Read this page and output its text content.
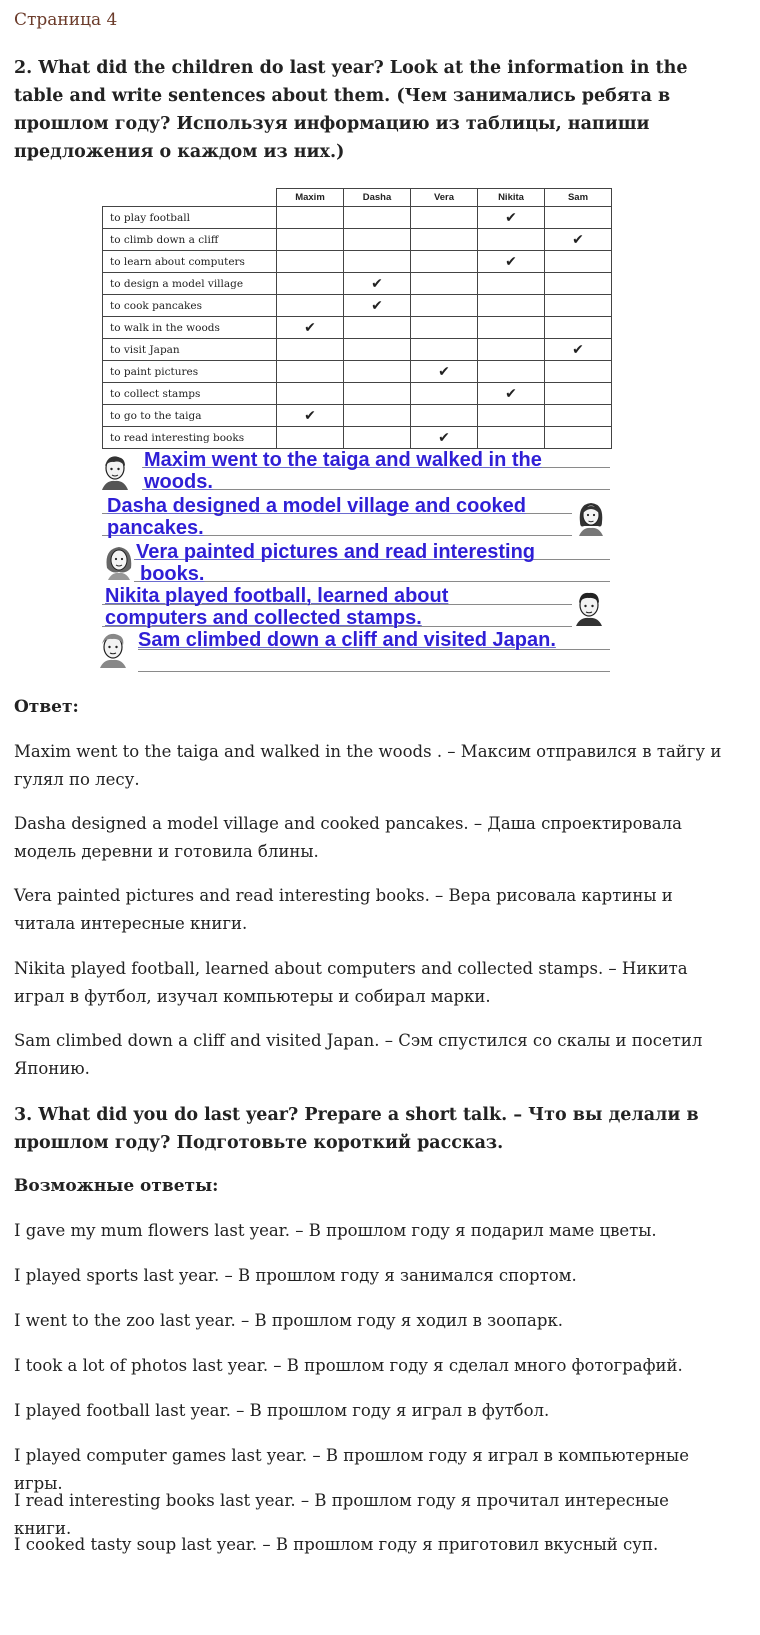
Страница 4
2. What did the children do last year? Look at the information in the table and write sentences about them. (Чем занимались ребята в прошлом году? Используя информацию из таблицы, напиши предложения о каждом из них.)
	Maxim	Dasha	Vera	Nikita	Sam
to play football				✔	
to climb down a cliff					✔
to learn about computers				✔	
to design a model village		✔			
to cook pancakes		✔			
to walk in the woods	✔				
to visit Japan					✔
to paint pictures			✔		
to collect stamps				✔	
to go to the taiga	✔				
to read interesting books			✔		
Maxim went to the taiga and walked in the
woods.
Dasha designed a model village and cooked
pancakes.
Vera painted pictures and read interesting
books.
Nikita played football, learned about
computers and collected stamps.
Sam climbed down a cliff and visited Japan.
Ответ:
Maxim went to the taiga and walked in the woods . – Максим отправился в тайгу и гулял по лесу.
Dasha designed a model village and cooked pancakes. – Даша спроектировала модель деревни и готовила блины.
Vera painted pictures and read interesting books. – Вера рисовала картины и читала интересные книги.
Nikita played football, learned about computers and collected stamps. – Никита играл в футбол, изучал компьютеры и собирал марки.
Sam climbed down a cliff and visited Japan. – Сэм спустился со скалы и посетил Японию.
3. What did you do last year? Prepare a short talk. – Что вы делали в прошлом году? Подготовьте короткий рассказ.
Возможные ответы:
I gave my mum flowers last year. – В прошлом году я подарил маме цветы.
I played sports last year. – В прошлом году я занимался спортом.
I went to the zoo last year. – В прошлом году я ходил в зоопарк.
I took a lot of photos last year. – В прошлом году я сделал много фотографий.
I played football last year. – В прошлом году я играл в футбол.
I played computer games last year. – В прошлом году я играл в компьютерные игры.
I read interesting books last year. – В прошлом году я прочитал интересные книги.
I cooked tasty soup last year. – В прошлом году я приготовил вкусный суп.
